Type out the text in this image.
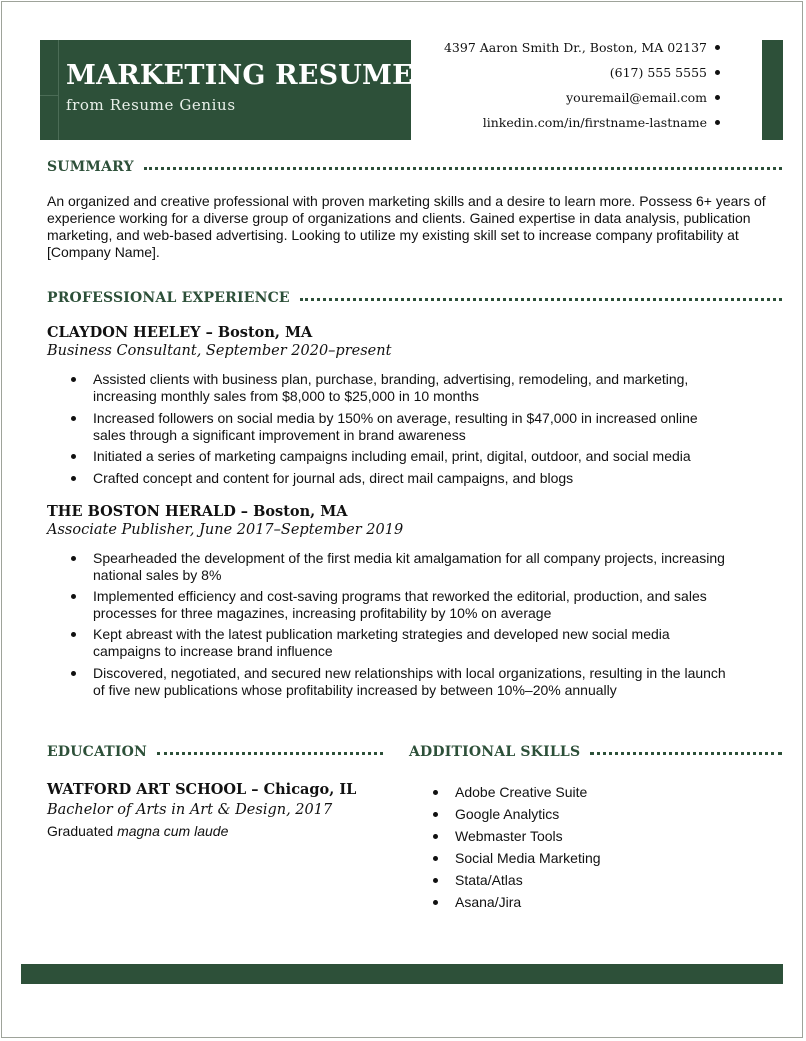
MARKETING RESUME
from Resume Genius
4397 Aaron Smith Dr., Boston, MA 02137
(617) 555 5555
youremail@email.com
linkedin.com/in/firstname-lastname
SUMMARY
An organized and creative professional with proven marketing skills and a desire to learn more. Possess 6+ years of experience working for a diverse group of organizations and clients. Gained expertise in data analysis, publication marketing, and web-based advertising. Looking to utilize my existing skill set to increase company profitability at [Company Name].
PROFESSIONAL EXPERIENCE
CLAYDON HEELEY – Boston, MA
Business Consultant, September 2020–present
Assisted clients with business plan, purchase, branding, advertising, remodeling, and marketing, increasing monthly sales from $8,000 to $25,000 in 10 months
Increased followers on social media by 150% on average, resulting in $47,000 in increased online sales through a significant improvement in brand awareness
Initiated a series of marketing campaigns including email, print, digital, outdoor, and social media
Crafted concept and content for journal ads, direct mail campaigns, and blogs
THE BOSTON HERALD – Boston, MA
Associate Publisher, June 2017–September 2019
Spearheaded the development of the first media kit amalgamation for all company projects, increasing national sales by 8%
Implemented efficiency and cost-saving programs that reworked the editorial, production, and sales processes for three magazines, increasing profitability by 10% on average
Kept abreast with the latest publication marketing strategies and developed new social media campaigns to increase brand influence
Discovered, negotiated, and secured new relationships with local organizations, resulting in the launch of five new publications whose profitability increased by between 10%–20% annually
EDUCATION
WATFORD ART SCHOOL – Chicago, IL
Bachelor of Arts in Art & Design, 2017
Graduated magna cum laude
ADDITIONAL SKILLS
Adobe Creative Suite
Google Analytics
Webmaster Tools
Social Media Marketing
Stata/Atlas
Asana/Jira
